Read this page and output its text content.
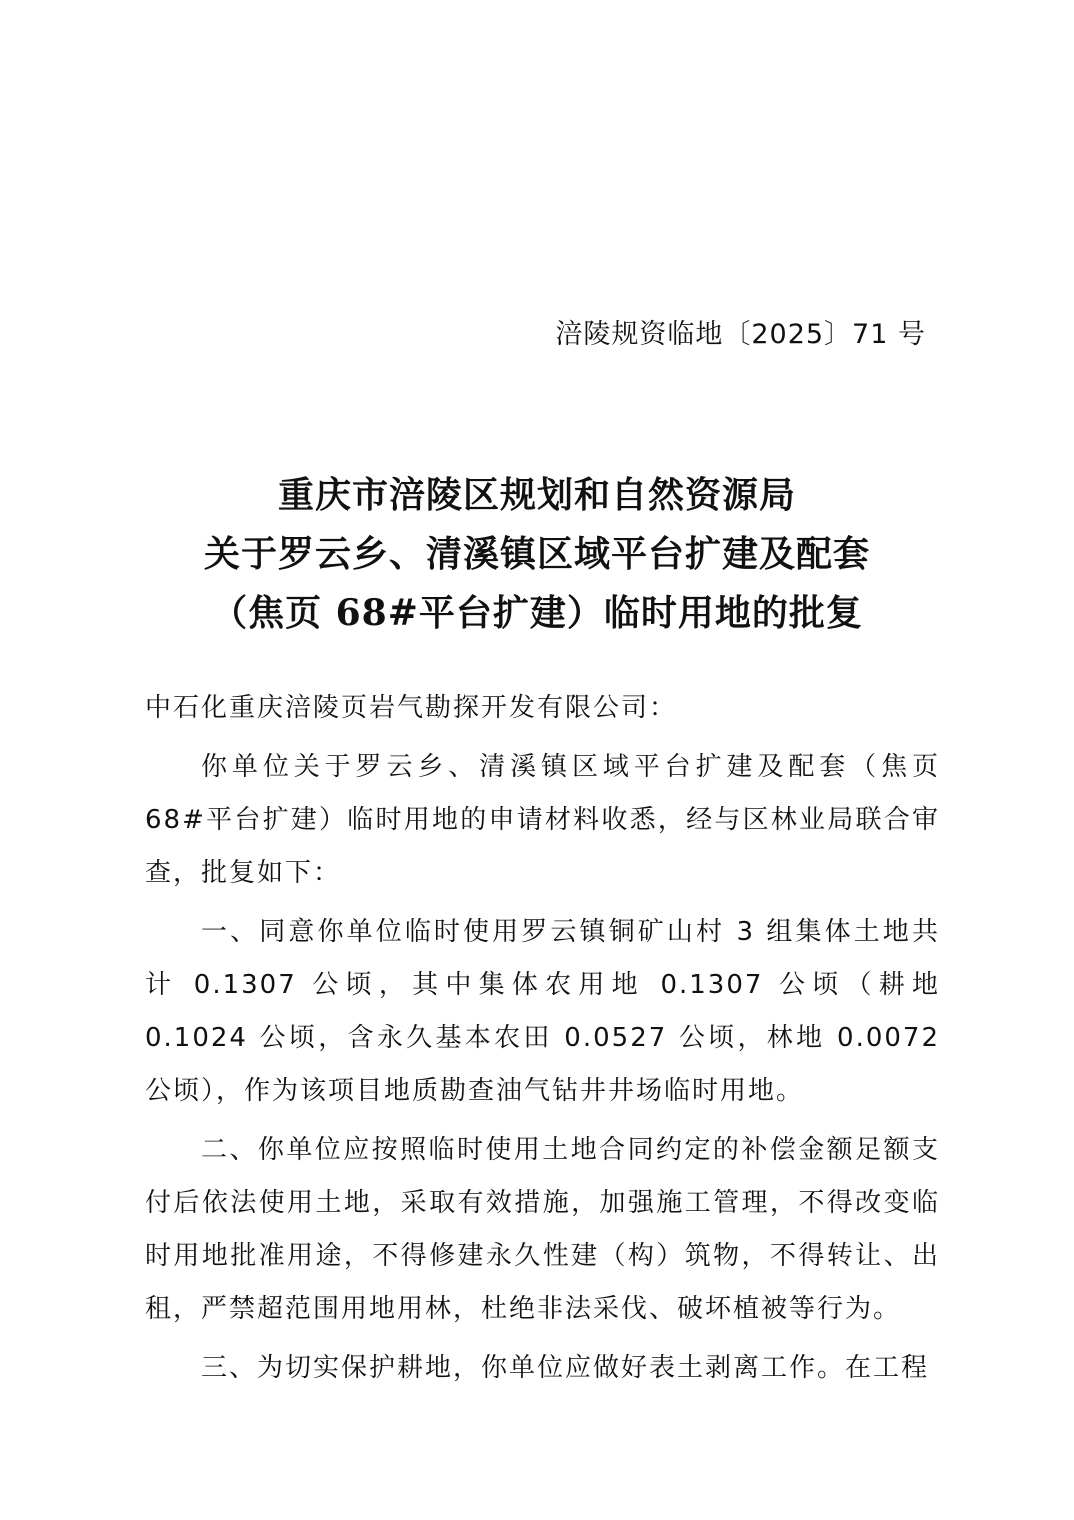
涪陵规资临地〔2025〕71 号
重庆市涪陵区规划和自然资源局
关于罗云乡、清溪镇区域平台扩建及配套
（焦页 68#平台扩建）临时用地的批复
中石化重庆涪陵页岩气勘探开发有限公司：

你单位关于罗云乡、清溪镇区域平台扩建及配套（焦页 68#平台扩建）临时用地的申请材料收悉，经与区林业局联合审查，批复如下：

一、同意你单位临时使用罗云镇铜矿山村 3 组集体土地共计 0.1307 公顷，其中集体农用地 0.1307 公顷（耕地 0.1024 公顷，含永久基本农田 0.0527 公顷，林地 0.0072 公顷），作为该项目地质勘查油气钻井井场临时用地。

二、你单位应按照临时使用土地合同约定的补偿金额足额支付后依法使用土地，采取有效措施，加强施工管理，不得改变临时用地批准用途，不得修建永久性建（构）筑物，不得转让、出租，严禁超范围用地用林，杜绝非法采伐、破坏植被等行为。

三、为切实保护耕地，你单位应做好表土剥离工作。在工程
